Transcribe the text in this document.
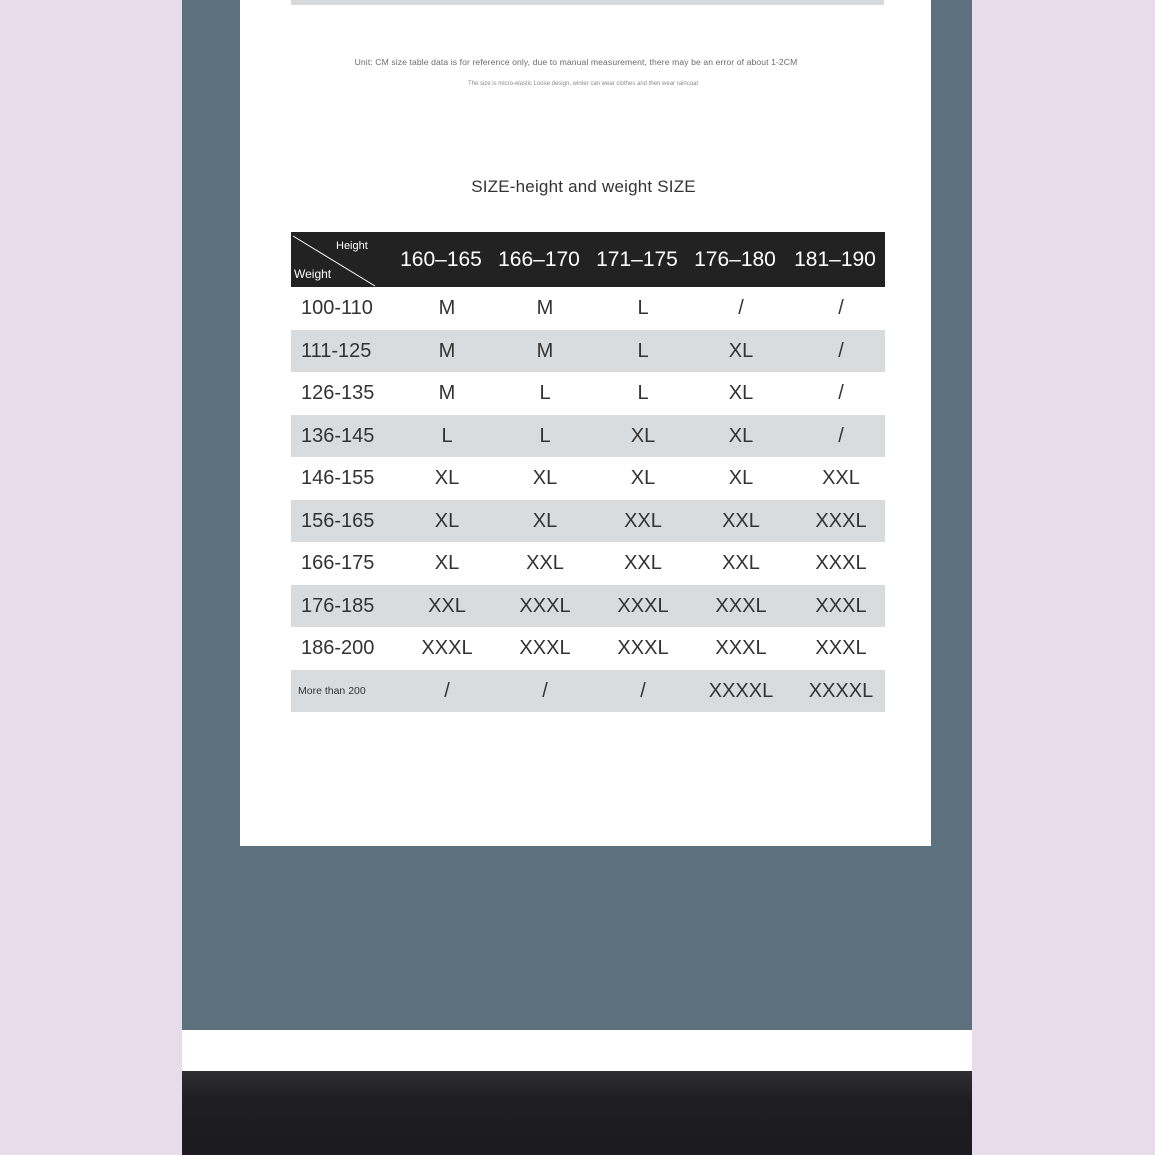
Unit: CM size table data is for reference only, due to manual measurement, there may be an error of about 1-2CM
The size is micro-elastic Loose design, winter can wear clothes and then wear raincoat
SIZE-height and weight SIZE
Height
Weight
160–165 166–170 171–175 176–180 181–190
100-110	M	M	L	/	/
111-125	M	M	L	XL	/
126-135	M	L	L	XL	/
136-145	L	L	XL	XL	/
146-155	XL	XL	XL	XL	XXL
156-165	XL	XL	XXL	XXL	XXXL
166-175	XL	XXL	XXL	XXL	XXXL
176-185	XXL	XXXL	XXXL	XXXL	XXXL
186-200	XXXL	XXXL	XXXL	XXXL	XXXL
More than 200	/	/	/	XXXXL	XXXXL
